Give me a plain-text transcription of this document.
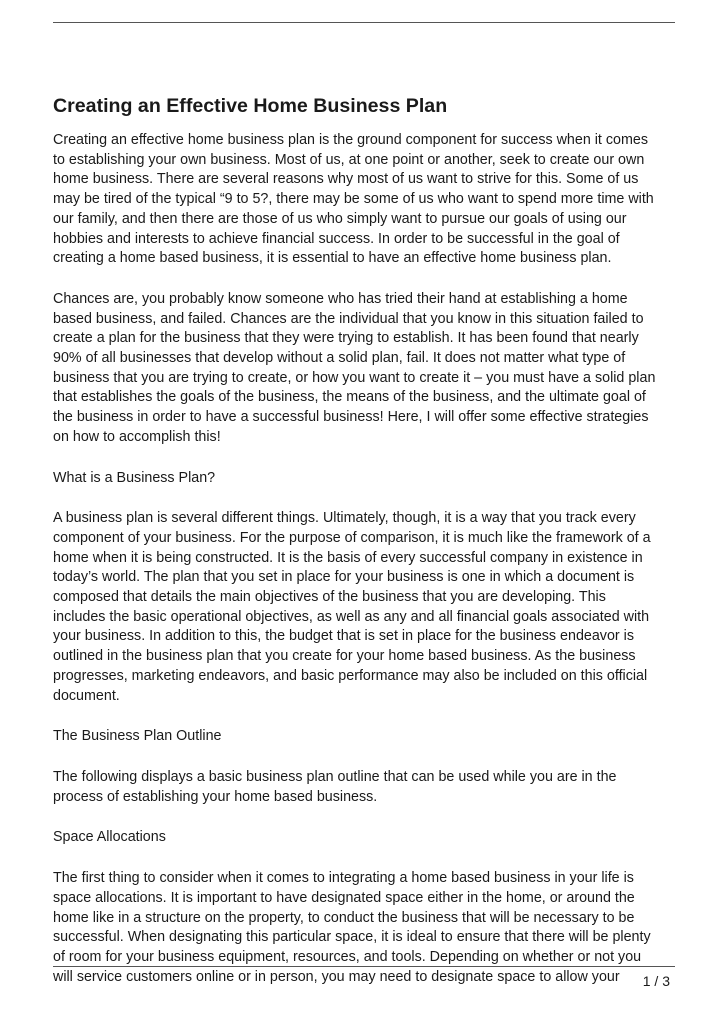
Creating an Effective Home Business Plan
Creating an effective home business plan is the ground component for success when it comes
to establishing your own business. Most of us, at one point or another, seek to create our own
home business. There are several reasons why most of us want to strive for this. Some of us
may be tired of the typical “9 to 5?, there may be some of us who want to spend more time with
our family, and then there are those of us who simply want to pursue our goals of using our
hobbies and interests to achieve financial success. In order to be successful in the goal of
creating a home based business, it is essential to have an effective home business plan.
Chances are, you probably know someone who has tried their hand at establishing a home
based business, and failed. Chances are the individual that you know in this situation failed to
create a plan for the business that they were trying to establish. It has been found that nearly
90% of all businesses that develop without a solid plan, fail. It does not matter what type of
business that you are trying to create, or how you want to create it – you must have a solid plan
that establishes the goals of the business, the means of the business, and the ultimate goal of
the business in order to have a successful business! Here, I will offer some effective strategies
on how to accomplish this!
What is a Business Plan?
A business plan is several different things. Ultimately, though, it is a way that you track every
component of your business. For the purpose of comparison, it is much like the framework of a
home when it is being constructed. It is the basis of every successful company in existence in
today’s world. The plan that you set in place for your business is one in which a document is
composed that details the main objectives of the business that you are developing. This
includes the basic operational objectives, as well as any and all financial goals associated with
your business. In addition to this, the budget that is set in place for the business endeavor is
outlined in the business plan that you create for your home based business. As the business
progresses, marketing endeavors, and basic performance may also be included on this official
document.
The Business Plan Outline
The following displays a basic business plan outline that can be used while you are in the
process of establishing your home based business.
Space Allocations
The first thing to consider when it comes to integrating a home based business in your life is
space allocations. It is important to have designated space either in the home, or around the
home like in a structure on the property, to conduct the business that will be necessary to be
successful. When designating this particular space, it is ideal to ensure that there will be plenty
of room for your business equipment, resources, and tools. Depending on whether or not you
will service customers online or in person, you may need to designate space to allow your	1 / 3
